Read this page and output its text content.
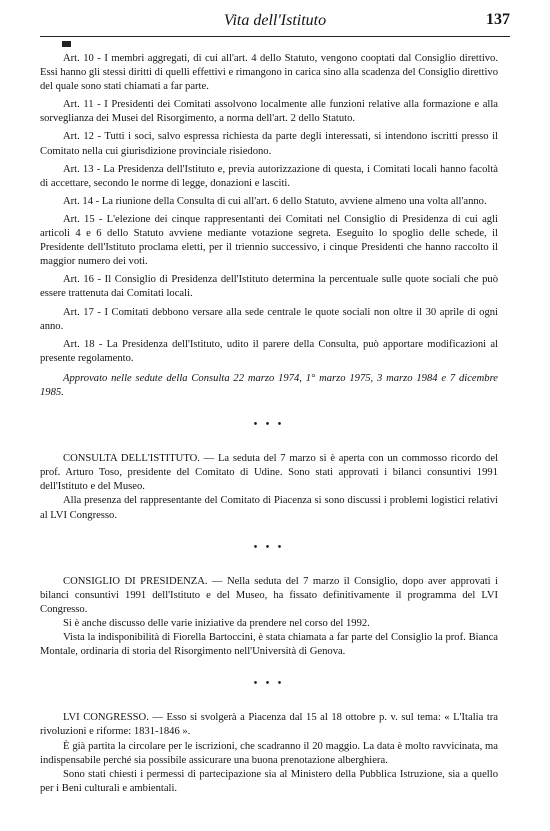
Vita dell'Istituto	137

Art. 10 - I membri aggregati, di cui all'art. 4 dello Statuto, vengono cooptati dal Consiglio direttivo. Essi hanno gli stessi diritti di quelli effettivi e rimangono in carica sino alla scadenza del Consiglio direttivo del quale sono stati chiamati a far parte.

Art. 11 - I Presidenti dei Comitati assolvono localmente alle funzioni relative alla formazione e alla sorveglianza dei Musei del Risorgimento, a norma dell'art. 2 dello Statuto.

Art. 12 - Tutti i soci, salvo espressa richiesta da parte degli interessati, si intendono iscritti presso il Comitato nella cui giurisdizione provinciale risiedono.

Art. 13 - La Presidenza dell'Istituto e, previa autorizzazione di questa, i Comitati locali hanno facoltà di accettare, secondo le norme di legge, donazioni e lasciti.

Art. 14 - La riunione della Consulta di cui all'art. 6 dello Statuto, avviene almeno una volta all'anno.

Art. 15 - L'elezione dei cinque rappresentanti dei Comitati nel Consiglio di Presidenza di cui agli articoli 4 e 6 dello Statuto avviene mediante votazione segreta. Eseguito lo spoglio delle schede, il Presidente dell'Istituto proclama eletti, per il triennio successivo, i cinque Presidenti che hanno raccolto il maggior numero dei voti.

Art. 16 - Il Consiglio di Presidenza dell'Istituto determina la percentuale sulle quote sociali che può essere trattenuta dai Comitati locali.

Art. 17 - I Comitati debbono versare alla sede centrale le quote sociali non oltre il 30 aprile di ogni anno.

Art. 18 - La Presidenza dell'Istituto, udito il parere della Consulta, può apportare modificazioni al presente regolamento.

Approvato nelle sedute della Consulta 22 marzo 1974, 1° marzo 1975, 3 marzo 1984 e 7 dicembre 1985.

• • •

CONSULTA DELL'ISTITUTO. — La seduta del 7 marzo si è aperta con un commosso ricordo del prof. Arturo Toso, presidente del Comitato di Udine. Sono stati approvati i bilanci consuntivi 1991 dell'Istituto e del Museo.

Alla presenza del rappresentante del Comitato di Piacenza si sono discussi i problemi logistici relativi al LVI Congresso.

• • •

CONSIGLIO DI PRESIDENZA. — Nella seduta del 7 marzo il Consiglio, dopo aver approvati i bilanci consuntivi 1991 dell'Istituto e del Museo, ha fissato definitivamente il programma del LVI Congresso.

Si è anche discusso delle varie iniziative da prendere nel corso del 1992.

Vista la indisponibilità di Fiorella Bartoccini, è stata chiamata a far parte del Consiglio la prof. Bianca Montale, ordinaria di storia del Risorgimento nell'Università di Genova.

• • •

LVI CONGRESSO. — Esso si svolgerà a Piacenza dal 15 al 18 ottobre p. v. sul tema: « L'Italia tra rivoluzioni e riforme: 1831-1846 ».

È già partita la circolare per le iscrizioni, che scadranno il 20 maggio. La data è molto ravvicinata, ma indispensabile perché sia possibile assicurare una buona prenotazione alberghiera.

Sono stati chiesti i permessi di partecipazione sia al Ministero della Pubblica Istruzione, sia a quello per i Beni culturali e ambientali.
